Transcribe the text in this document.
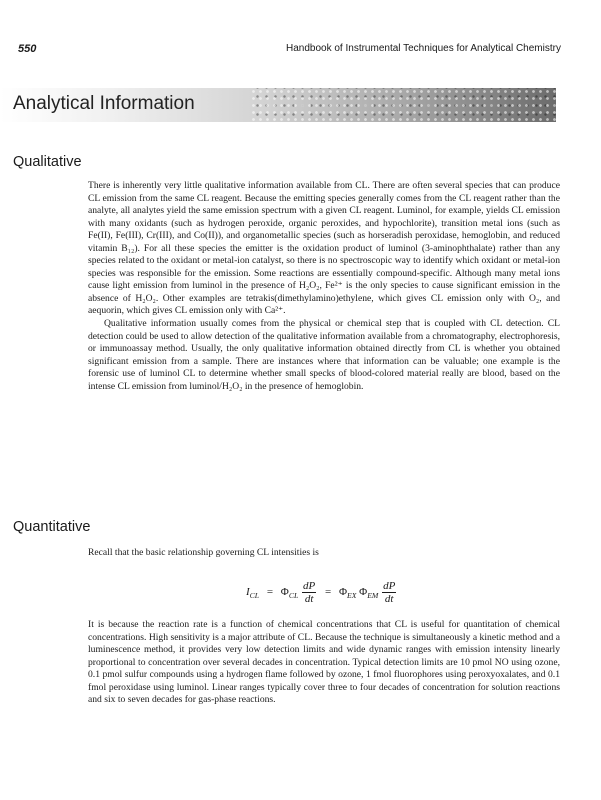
550	Handbook of Instrumental Techniques for Analytical Chemistry
Analytical Information
Qualitative

There is inherently very little qualitative information available from CL. There are often several species that can produce CL emission from the same CL reagent. Because the emitting species generally comes from the CL reagent rather than the analyte, all analytes yield the same emission spectrum with a given CL reagent. Luminol, for example, yields CL emission with many oxidants (such as hydrogen peroxide, organic peroxides, and hypochlorite), transition metal ions (such as Fe(II), Fe(III), Cr(III), and Co(II)), and organometallic species (such as horseradish peroxidase, hemoglobin, and reduced vitamin B₁₂). For all these species the emitter is the oxidation product of luminol (3-aminophthalate) rather than any species related to the oxidant or metal-ion catalyst, so there is no spectroscopic way to identify which oxidant or metal-ion species was responsible for the emission. Some reactions are essentially compound-specific. Although many metal ions cause light emission from luminol in the presence of H₂O₂, Fe²⁺ is the only species to cause significant emission in the absence of H₂O₂. Other examples are tetrakis(dimethylamino)ethylene, which gives CL emission only with O₂, and aequorin, which gives CL emission only with Ca²⁺.

Qualitative information usually comes from the physical or chemical step that is coupled with CL detection. CL detection could be used to allow detection of the qualitative information available from a chromatography, electrophoresis, or immunoassay method. Usually, the only qualitative information obtained directly from CL is whether you obtained significant emission from a sample. There are instances where that information can be valuable; one example is the forensic use of luminol CL to determine whether small specks of blood-colored material really are blood, based on the intense CL emission from luminol/H₂O₂ in the presence of hemoglobin.

Quantitative
Recall that the basic relationship governing CL intensities is
$I_{CL} = \Phi_{CL} \frac{dP}{dt} = \Phi_{EX}$ $\Phi_{EM} \frac{dP}{dt}$

It is because the reaction rate is a function of chemical concentrations that CL is useful for quantitation of chemical concentrations. High sensitivity is a major attribute of CL. Because the technique is simultaneously a kinetic method and a luminescence method, it provides very low detection limits and wide dynamic ranges with emission intensity linearly proportional to concentration over several decades in concentration. Typical detection limits are 10 pmol NO using ozone, 0.1 pmol sulfur compounds using a hydrogen flame followed by ozone, 1 fmol fluorophores using peroxyoxalates, and 0.1 fmol peroxidase using luminol. Linear ranges typically cover three to four decades of concentration for solution reactions and six to seven decades for gas-phase reactions.
